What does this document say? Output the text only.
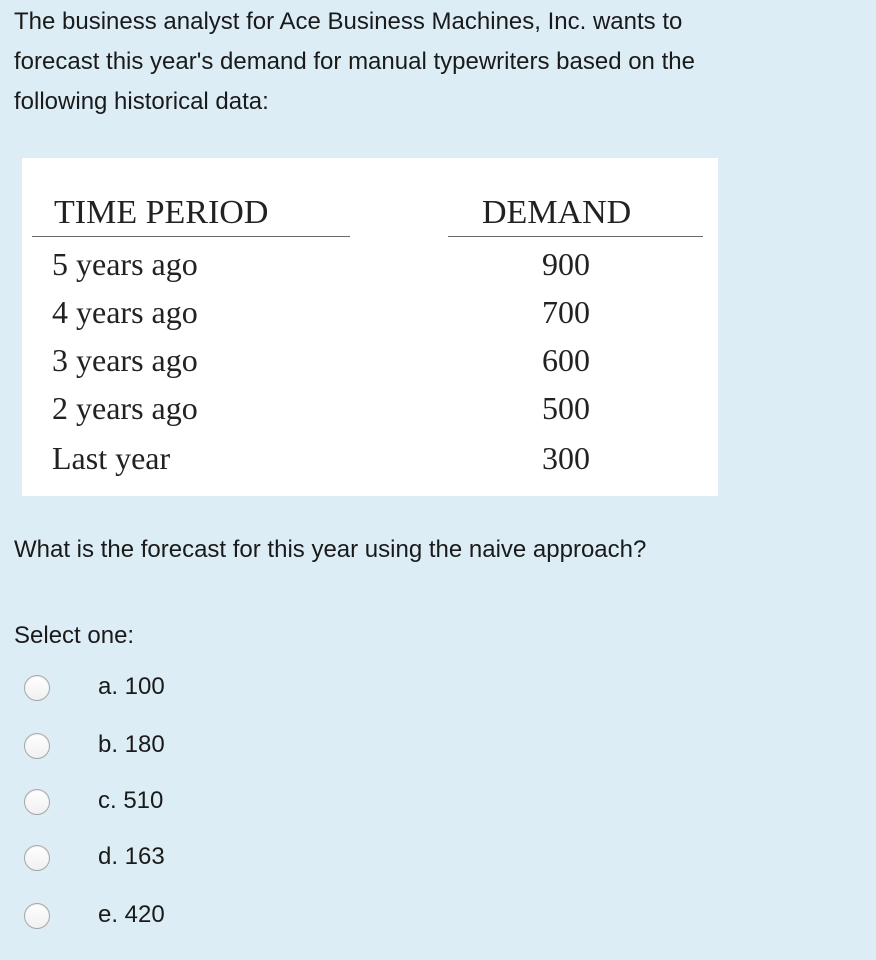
The business analyst for Ace Business Machines, Inc. wants to
forecast this year's demand for manual typewriters based on the
following historical data:
TIME PERIOD	DEMAND
5 years ago	900
4 years ago	700
3 years ago	600
2 years ago	500
Last year	300
What is the forecast for this year using the naive approach?
Select one:
a. 100
b. 180
c. 510
d. 163
e. 420
